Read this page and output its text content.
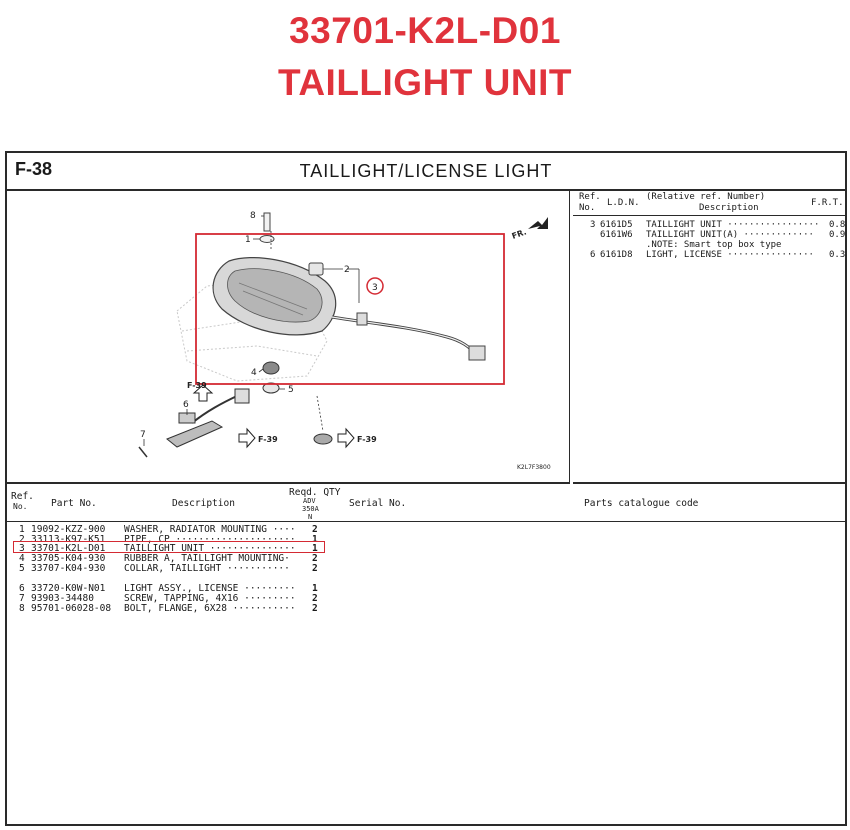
33701-K2L-D01
TAILLIGHT UNIT
F-38	TAILLIGHT/LICENSE LIGHT
8
1
2
3
4
5
6
7
FR.
F-39
F-39	F-39
K2L7F3800
Ref.
No. L.D.N.
(Relative ref. Number)
Description	F.R.T.
3 6161D5 TAILLIGHT UNIT ················· 0.8
6161W6 TAILLIGHT UNIT(A) ············· 0.9
.NOTE: Smart top box type
6 6161D8 LIGHT, LICENSE ················ 0.3
Ref.
No. Part No.	Description
Reqd. QTY
ADV
350A
N
Serial No.	Parts catalogue code
1 19092-KZZ-900 WASHER, RADIATOR MOUNTING ···· 2
2 33113-K97-K51 PIPE, CP ····················· 1
3 33701-K2L-D01 TAILLIGHT UNIT ··············· 1
4 33705-K04-930 RUBBER A, TAILLIGHT MOUNTING· 2
5 33707-K04-930 COLLAR, TAILLIGHT ··········· 2
6 33720-K0W-N01 LIGHT ASSY., LICENSE ········· 1
7 93903-34480	SCREW, TAPPING, 4X16 ········· 2
8 95701-06028-08 BOLT, FLANGE, 6X28 ··········· 2
